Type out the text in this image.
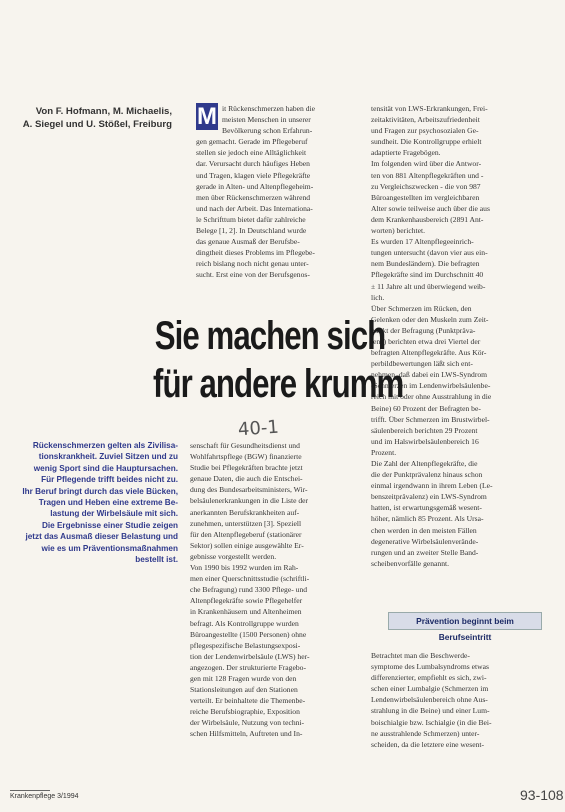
Von F. Hofmann, M. Michaelis,
A. Siegel und U. Stößel, Freiburg M it Rückenschmerzen haben die
meisten Menschen in unserer
Bevölkerung schon Erfahrun-
gen gemacht. Gerade im Pflegeberuf
stellen sie jedoch eine Alltäglichkeit
dar. Verursacht durch häufiges Heben
und Tragen, klagen viele Pflegekräfte
gerade in Alten- und Altenpflegeheim-
men über Rückenschmerzen während
und nach der Arbeit. Das Internationa-
le Schrifttum bietet dafür zahlreiche
Belege [1, 2]. In Deutschland wurde
das genaue Ausmaß der Berufsbe-
dingtheit dieses Problems im Pflegebe-
reich bislang noch nicht genau unter-
sucht. Erst eine von der Berufsgenos-
tensität von LWS-Erkrankungen, Frei-
zeitaktivitäten, Arbeitszufriedenheit
und Fragen zur psychosozialen Ge-
sundheit. Die Kontrollgruppe erhielt
adaptierte Fragebögen.
Im folgenden wird über die Antwor-
ten von 881 Altenpflegekräften und -
zu Vergleichszwecken - die von 987
Büroangestellten im vergleichbaren
Alter sowie teilweise auch über die aus
dem Krankenhausbereich (2891 Ant-
worten) berichtet.
Es wurden 17 Altenpflegeeinrich-
tungen untersucht (davon vier aus ein-
nem Bundesländern). Die befragten
Pflegekräfte sind im Durchschnitt 40
± 11 Jahre alt und überwiegend weib-
lich.
Über Schmerzen im Rücken, den
Gelenken oder den Muskeln zum Zeit-
punkt der Befragung (Punktpräva-
lenz) berichten etwa drei Viertel der
befragten Altenpflegekräfte. Aus Kör-
perbildbewertungen läßt sich ent-
nehmen, daß dabei ein LWS-Syndrom
(Schmerzen im Lendenwirbelsäulenbe-
reich mit oder ohne Ausstrahlung in die
Beine) 60 Prozent der Befragten be-
trifft. Über Schmerzen im Brustwirbel-
säulenbereich berichten 29 Prozent
und im Halswirbelsäulenbereich 16
Prozent.
Die Zahl der Altenpflegekräfte, die
die der Punktprävalenz hinaus schon
einmal irgendwann in ihrem Leben (Le-
benszeitprävalenz) ein LWS-Syndrom
hatten, ist erwartungsgemäß wesent-
höher, nämlich 85 Prozent. Als Ursa-
chen werden in den meisten Fällen
degenerative Wirbelsäulenverände-
rungen und an zweiter Stelle Band-
scheibenvorfälle genannt.
Sie machen sich
für andere krumm
40-1
Rückenschmerzen gelten als Zivilisa-
tionskrankheit. Zuviel Sitzen und zu
wenig Sport sind die Hauptursachen.
Für Pflegende trifft beides nicht zu.
Ihr Beruf bringt durch das viele Bücken,
Tragen und Heben eine extreme Be-
lastung der Wirbelsäule mit sich.
Die Ergebnisse einer Studie zeigen
jetzt das Ausmaß dieser Belastung und
wie es um Präventionsmaßnahmen
bestellt ist.
senschaft für Gesundheitsdienst und
Wohlfahrtspflege (BGW) finanzierte
Studie bei Pflegekräften brachte jetzt
genaue Daten, die auch die Entschei-
dung des Bundesarbeitsministers, Wir-
belsäulenerkrankungen in die Liste der
anerkannten Berufskrankheiten auf-
zunehmen, unterstützen [3]. Speziell
für den Altenpflegeberuf (stationärer
Sektor) sollen einige ausgewählte Er-
gebnisse vorgestellt werden.
Von 1990 bis 1992 wurden im Rah-
men einer Querschnittsstudie (schriftli-
che Befragung) rund 3300 Pflege- und
Altenpflegekräfte sowie Pflegehelfer
in Krankenhäusern und Altenheimen
befragt. Als Kontrollgruppe wurden
Büroangestellte (1500 Personen) ohne
pflegespezifische Belastungsexposi-
tion der Lendenwirbelsäule (LWS) her-
angezogen. Der strukturierte Fragebo-
gen mit 128 Fragen wurde von den
Stationsleitungen auf den Stationen
verteilt. Er beinhaltete die Themenbe-
reiche Berufsbiographie, Exposition
der Wirbelsäule, Nutzung von techni-
schen Hilfsmitteln, Auftreten und In-
Prävention beginnt beim Berufseintritt
Betrachtet man die Beschwerde-
symptome des Lumbalsyndroms etwas
differenzierter, empfiehlt es sich, zwi-
schen einer Lumbalgie (Schmerzen im
Lendenwirbelsäulenbereich ohne Aus-
strahlung in die Beine) und einer Lum-
boischialgie bzw. Ischialgie (in die Bei-
ne ausstrahlende Schmerzen) unter-
scheiden, da die letztere eine wesent-
Krankenpflege 3/1994	93-108
